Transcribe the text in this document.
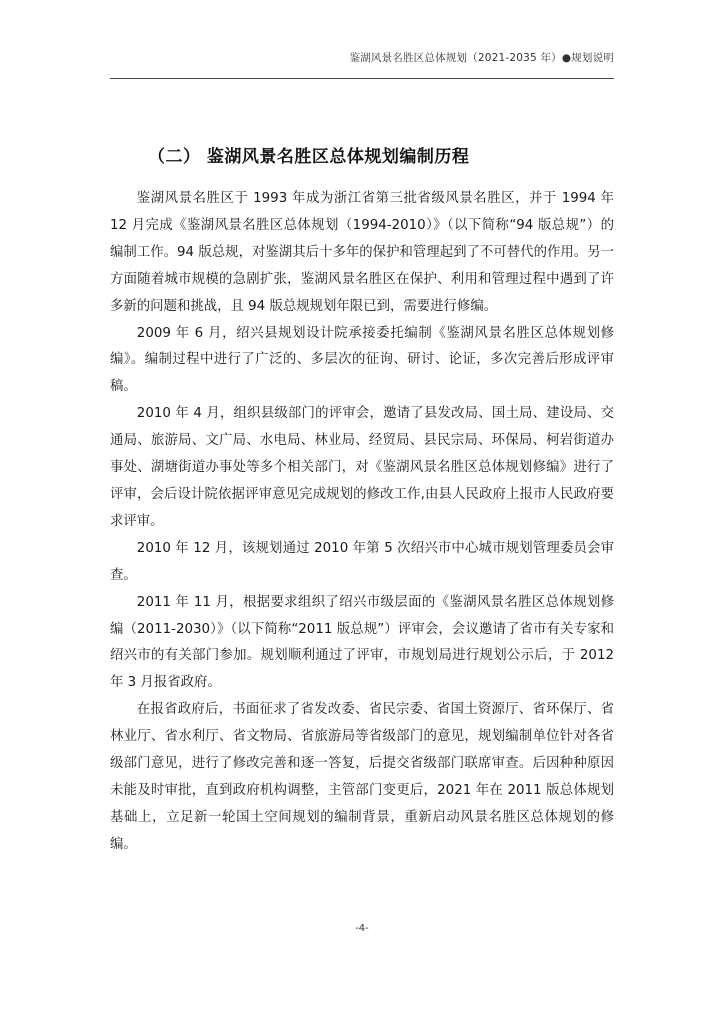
鉴湖风景名胜区总体规划（2021-2035 年）●规划说明
（二） 鉴湖风景名胜区总体规划编制历程

鉴湖风景名胜区于 1993 年成为浙江省第三批省级风景名胜区，并于 1994 年 12 月完成《鉴湖风景名胜区总体规划（1994-2010）》（以下简称“94 版总规”）的编制工作。94 版总规，对鉴湖其后十多年的保护和管理起到了不可替代的作用。另一方面随着城市规模的急剧扩张，鉴湖风景名胜区在保护、利用和管理过程中遇到了许多新的问题和挑战，且 94 版总规规划年限已到，需要进行修编。

2009 年 6 月，绍兴县规划设计院承接委托编制《鉴湖风景名胜区总体规划修编》。编制过程中进行了广泛的、多层次的征询、研讨、论证，多次完善后形成评审稿。

2010 年 4 月，组织县级部门的评审会，邀请了县发改局、国土局、建设局、交通局、旅游局、文广局、水电局、林业局、经贸局、县民宗局、环保局、柯岩街道办事处、湖塘街道办事处等多个相关部门，对《鉴湖风景名胜区总体规划修编》进行了评审，会后设计院依据评审意见完成规划的修改工作,由县人民政府上报市人民政府要求评审。

2010 年 12 月，该规划通过 2010 年第 5 次绍兴市中心城市规划管理委员会审查。

2011 年 11 月，根据要求组织了绍兴市级层面的《鉴湖风景名胜区总体规划修编（2011-2030）》（以下简称“2011 版总规”）评审会，会议邀请了省市有关专家和绍兴市的有关部门参加。规划顺利通过了评审，市规划局进行规划公示后，于 2012 年 3 月报省政府。

在报省政府后，书面征求了省发改委、省民宗委、省国土资源厅、省环保厅、省林业厅、省水利厅、省文物局、省旅游局等省级部门的意见，规划编制单位针对各省级部门意见，进行了修改完善和逐一答复，后提交省级部门联席审查。后因种种原因未能及时审批，直到政府机构调整，主管部门变更后，2021 年在 2011 版总体规划基础上，立足新一轮国土空间规划的编制背景，重新启动风景名胜区总体规划的修编。

-4-
